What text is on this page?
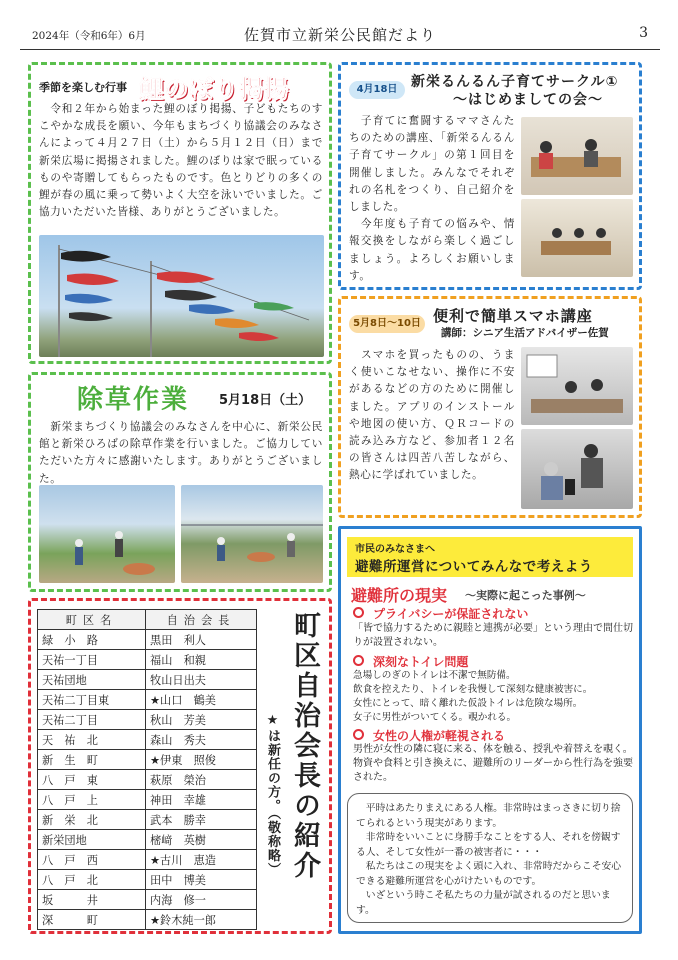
2024年（令和6年）6月	佐賀市立新栄公民館だより	3
季節を楽しむ行事 鯉のぼり掲揚
　令和２年から始まった鯉のぼり掲揚、子どもたちのすこやかな成長を願い、今年もまちづくり協議会のみなさんによって４月２７日（土）から５月１２日（日）まで新栄広場に掲揚されました。鯉のぼりは家で眠っているものや寄贈してもらったものです。色とりどりの多くの鯉が春の風に乗って勢いよく大空を泳いでいました。ご協力いただいた皆様、ありがとうございました。
除草作業 5月18日（土）
　新栄まちづくり協議会のみなさんを中心に、新栄公民館と新栄ひろばの除草作業を行いました。ご協力していただいた方々に感謝いたします。ありがとうございました。
4月18日 新栄るんるん子育てサークル①
～はじめましての会～
　子育てに奮闘するママさんたちのための講座、「新栄るんるん子育てサークル」の第１回目を開催しました。みんなでそれぞれの名札をつくり、自己紹介をしました。
　今年度も子育ての悩みや、情報交換をしながら楽しく過ごしましょう。よろしくお願いします。
5月8日～10日 便利で簡単スマホ講座
講師：シニア生活アドバイザー佐賀
　スマホを買ったものの、うまく使いこなせない、操作に不安があるなどの方のために開催しました。アプリのインストールや地図の使い方、ＱＲコードの読み込み方など、参加者１２名の皆さんは四苦八苦しながら、熱心に学ばれていました。
町区名	自治会長
緑　小　路	黒田　利人
天祐一丁目	福山　和親
天祐団地	牧山日出夫
天祐二丁目東	★山口　鶴美
天祐二丁目	秋山　芳美
天　祐　北	森山　秀夫
新　生　町	★伊東　照俊
八　戸　東	萩原　榮治
八　戸　上	神田　幸雄
新　栄　北	武本　勝幸
新栄団地	樒﨑　英樹
八　戸　西	★古川　恵造
八　戸　北	田中　博美
坂　　　井	内海　修一
深　　　町	★鈴木純一郎
町区自治会長の紹介
★は新任の方。（敬称略）
市民のみなさまへ
避難所運営についてみんなで考えよう
避難所の現実 ～実際に起こった事例～
プライバシーが保証されない
「皆で協力するために親睦と連携が必要」という理由で間仕切りが設置されない。
深刻なトイレ問題
急場しのぎのトイレは不潔で無防備。
飲食を控えたり、トイレを我慢して深刻な健康被害に。
女性にとって、暗く離れた仮設トイレは危険な場所。
女子に男性がついてくる。覗かれる。
女性の人権が軽視される
男性が女性の隣に寝に来る、体を触る、授乳や着替えを覗く。物資や食料と引き換えに、避難所のリーダーから性行為を強要された。
　平時はあたりまえにある人権。非常時はまっさきに切り捨てられるという現実があります。
　非常時をいいことに身勝手なことをする人、それを傍観する人、そして女性が一番の被害者に・・・
　私たちはこの現実をよく頭に入れ、非常時だからこそ安心できる避難所運営を心がけたいものです。
　いざという時こそ私たちの力量が試されるのだと思います。
